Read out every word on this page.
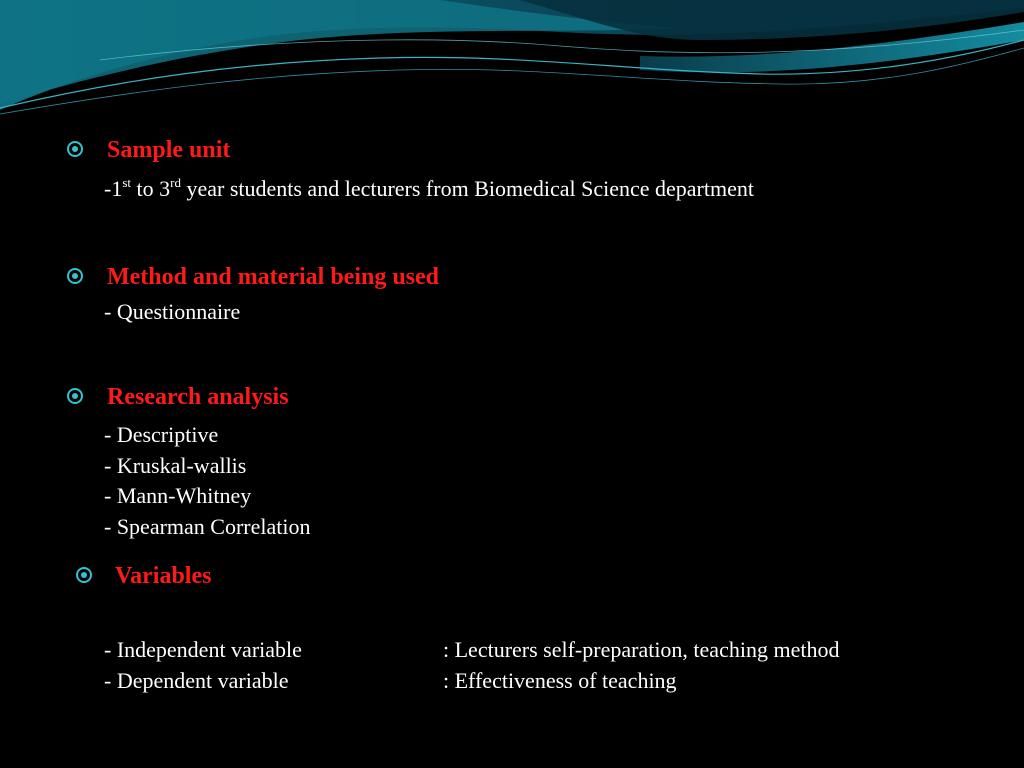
Sample unit
-1st to 3rd year students and lecturers from Biomedical Science department
Method and material being used
- Questionnaire
Research analysis
- Descriptive
- Kruskal-wallis
- Mann-Whitney
- Spearman Correlation
Variables
- Independent variable	: Lecturers self-preparation, teaching method
- Dependent variable	: Effectiveness of teaching
